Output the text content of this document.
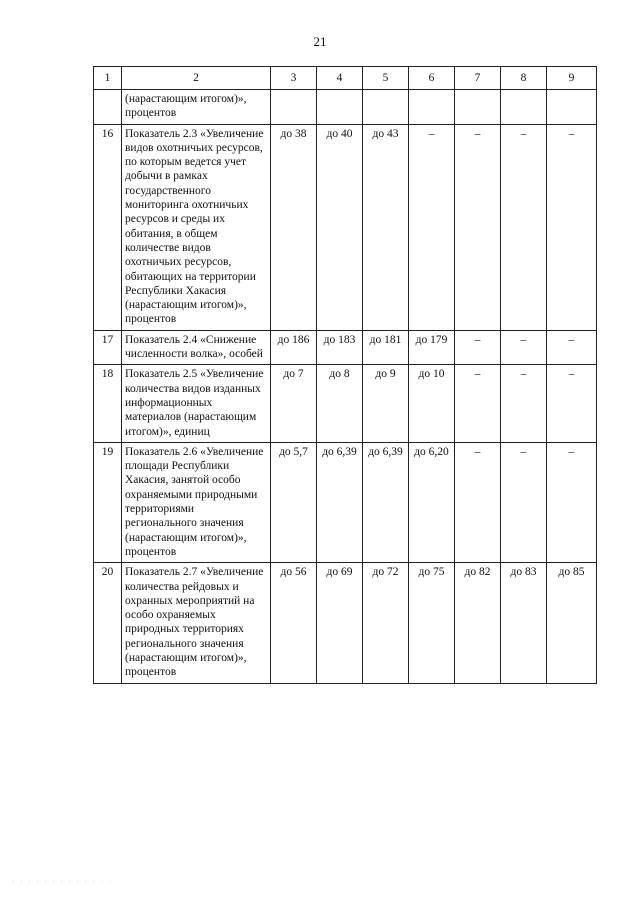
21
1	2	3	4	5	6	7	8	9
	(нарастающим итогом)», процентов							
16	Показатель 2.3 «Увеличение видов охотничьих ресурсов, по которым ведется учет добычи в рамках государственного мониторинга охотничьих ресурсов и среды их обитания, в общем количестве видов охотничьих ресурсов, обитающих на территории Республики Хакасия (нарастающим итогом)», процентов	до 38	до 40	до 43	–	–	–	–
17	Показатель 2.4 «Снижение численности волка», особей	до 186	до 183	до 181	до 179	–	–	–
18	Показатель 2.5 «Увеличение количества видов изданных информационных материалов (нарастающим итогом)», единиц	до 7	до 8	до 9	до 10	–	–	–
19	Показатель 2.6 «Увеличение площади Республики Хакасия, занятой особо охраняемыми природными территориями регионального значения (нарастающим итогом)», процентов	до 5,7	до 6,39	до 6,39	до 6,20	–	–	–
20	Показатель 2.7 «Увеличение количества рейдовых и охранных мероприятий на особо охраняемых природных территориях регионального значения (нарастающим итогом)», процентов	до 56	до 69	до 72	до 75	до 82	до 83	до 85
· · · · · · · · · · · · ·
